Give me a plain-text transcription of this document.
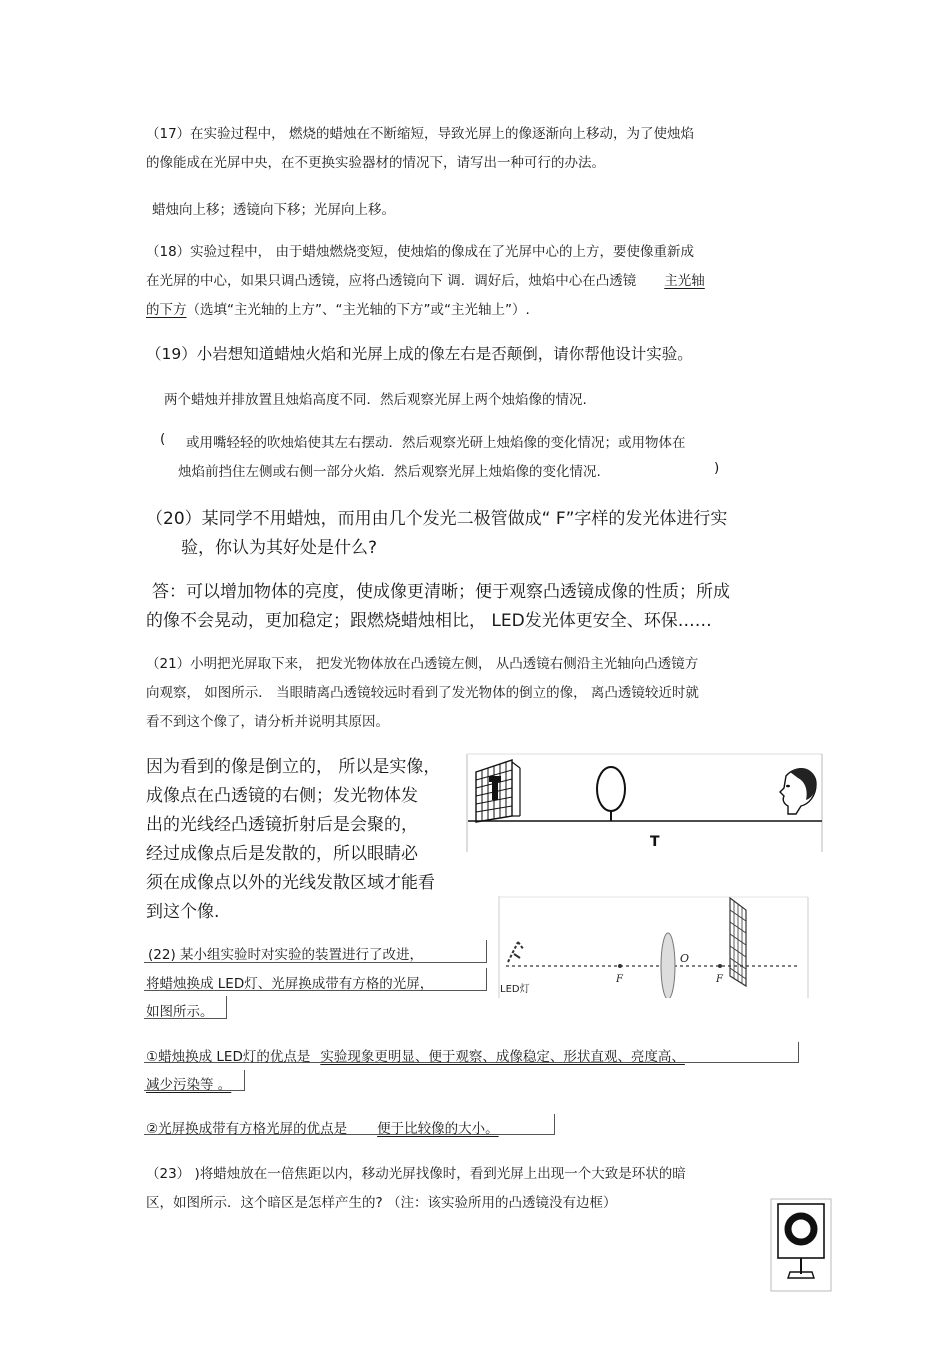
（17）在实验过程中， 燃烧的蜡烛在不断缩短，导致光屏上的像逐渐向上移动，为了使烛焰
的像能成在光屏中央，在不更换实验器材的情况下，请写出一种可行的办法。
蜡烛向上移；透镜向下移；光屏向上移。
（18）实验过程中， 由于蜡烛燃烧变短，使烛焰的像成在了光屏中心的上方，要使像重新成
在光屏的中心，如果只调凸透镜，应将凸透镜向下 调．调好后，烛焰中心在凸透镜 主光轴
的下方（选填“主光轴的上方”、“主光轴的下方”或“主光轴上”）.
（19）小岩想知道蜡烛火焰和光屏上成的像左右是否颠倒，请你帮他设计实验。
两个蜡烛并排放置且烛焰高度不同．然后观察光屏上两个烛焰像的情况.
( 或用嘴轻轻的吹烛焰使其左右摆动．然后观察光研上烛焰像的变化情况；或用物体在
烛焰前挡住左侧或右侧一部分火焰．然后观察光屏上烛焰像的变化情况.	)
（20）某同学不用蜡烛，而用由几个发光二极管做成“ F”字样的发光体进行实
验，你认为其好处是什么?
答：可以增加物体的亮度，使成像更清晰；便于观察凸透镜成像的性质；所成
的像不会晃动，更加稳定；跟燃烧蜡烛相比， LED发光体更安全、环保……
（21）小明把光屏取下来， 把发光物体放在凸透镜左侧， 从凸透镜右侧沿主光轴向凸透镜方
向观察， 如图所示． 当眼睛离凸透镜较远时看到了发光物体的倒立的像， 离凸透镜较近时就
看不到这个像了，请分析并说明其原因。
因为看到的像是倒立的， 所以是实像，
成像点在凸透镜的右侧；发光物体发
出的光线经凸透镜折射后是会聚的，
经过成像点后是发散的，所以眼睛必
须在成像点以外的光线发散区域才能看
到这个像.
T
(22) 某小组实验时对实验的装置进行了改进，
将蜡烛换成 LED灯、光屏换成带有方格的光屏，
如图所示。
LED灯
F
O
F
①蜡烛换成 LED灯的优点是 实验现象更明显、便于观察、成像稳定、形状直观、亮度高、
减少污染等 。
②光屏换成带有方格光屏的优点是 便于比较像的大小。
（23） )将蜡烛放在一倍焦距以内，移动光屏找像时，看到光屏上出现一个大致是环状的暗
区，如图所示．这个暗区是怎样产生的? （注：该实验所用的凸透镜没有边框）
